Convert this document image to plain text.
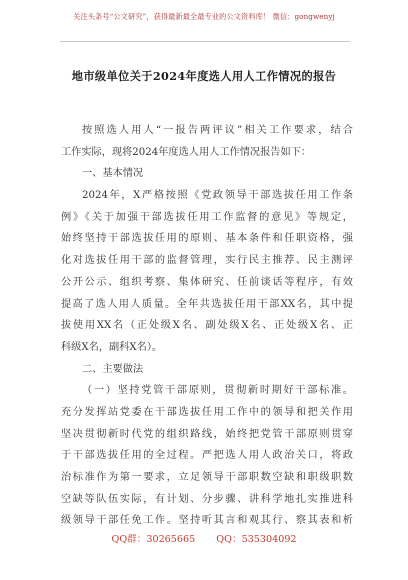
关注头条号“公文研究”，获得最新最全最专业的公文资料库！ 微信：gongwenyj
地市级单位关于2024年度选人用人工作情况的报告
按照选人用人“一报告两评议”相关工作要求，结合
工作实际，现将2024年度选人用人工作情况报告如下：
一、基本情况
2024年，X严格按照《党政领导干部选拔任用工作条
例》《关于加强干部选拔任用工作监督的意见》等规定，
始终坚持干部选拔任用的原则、基本条件和任职资格，强
化对选拔任用干部的监督管理，实行民主推荐、民主测评
公开公示、组织考察、集体研究、任前谈话等程序，有效
提高了选人用人质量。全年共选拔任用干部XX名，其中提
拔使用XX名（正处级X名、副处级X名、正处级X名、正
科级X名，副科X名）。
二、主要做法
（一）坚持党管干部原则，贯彻新时期好干部标准。
充分发挥站党委在干部选拔任用工作中的领导和把关作用
坚决贯彻新时代党的组织路线，始终把党管干部原则贯穿
于干部选拔任用的全过程。严把选人用人政治关口，将政
治标准作为第一要求，立足领导干部职数空缺和职级职数
空缺等队伍实际，有计划、分步骤、讲科学地扎实推进科
级领导干部任免工作。坚持听其言和观其行、察其表和析
QQ群：30265665 QQ：535304092
